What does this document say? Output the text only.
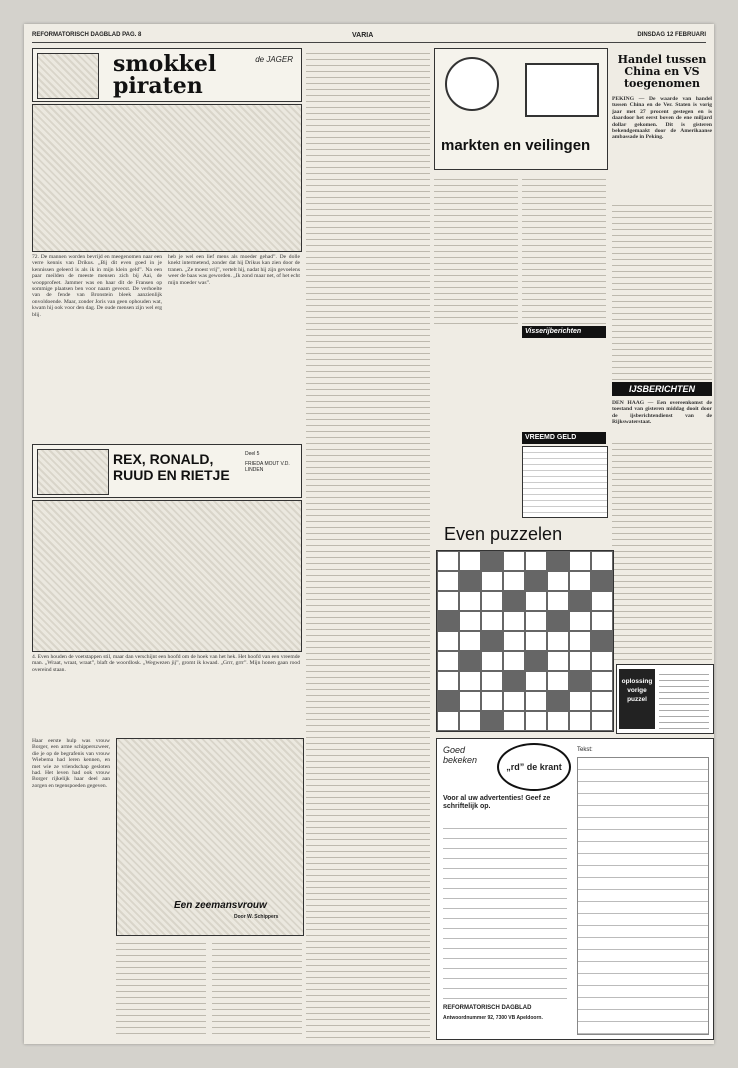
REFORMATORISCH DAGBLAD PAG. 8	VARIA	DINSDAG 12 FEBRUARI
smokkel piraten
de JAGER
72. De mannen worden bevrijd en meegenomen naar een verre kennis van Drikus. „Bij dit even goed in je kennissen geleerd is als ik in mijn klein geld”. Na een paar meilden de meeste mensen zich bij Aai, de woopprofeet. Jammer was en haar dit de Fransen op sommige plaatsen ben voor naam gevecst. De verhoelte van de fende van Bronstein bleek aanzienlijk onvoldoende. Maar, zonder Joris van geen ophouden wat, kwam hij ook voor den dag. De oude mensen zijn wel erg blij.
heb je wel een lief mens als moeder gehad”. De dolle knekt intermetend, zonder dat hij Drikus kan zien door de tranen. „Ze moest vrij”, vertelt hij, nadat hij zijn gevoelens weer de baas was geworden. „Ik zond maar net, of het echt mijn moeder was”.
markten en veilingen
Visserijberichten
VREEMD GELD
Handel tussen China en VS toegenomen
PEKING — De waarde van handel tussen China en de Ver. Staten is vorig jaar met 27 procent gestegen en is daardoor het eerst boven de ene miljard dollar gekomen. Dit is gisteren bekendgemaakt door de Amerikaanse ambassade in Peking.
IJSBERICHTEN
DEN HAAG — Een overeenkomst de toestand van gisteren middag dooit door de ijsberichtendienst van de Rijkswaterstaat.
REX, RONALD, RUUD EN RIETJE
Deel 5
FRIEDA MOUT V.D. LINDEN
4. Even houden de voetstappen stil, maar dan verschijnt een hoofd om de hoek van het hek. Het hoofd van een vreemde man. „Wraat, wraat, wraat”, blaft de woordlosk. „Wegwezen jij”, gromt ik kwaad. „Grrr, grrr”. Mijn honen gaan rood overeind staan.
Even puzzelen
oplossing vorige puzzel
Haar eerste hulp was vrouw Borger, een arme schipperszweer, die je op de begrafenis van vrouw Wiebema had leren kennen, en met wie ze vriendschap gesloten had. Het leven had ook vrouw Borger rijkelijk haar deel aan zorgen en tegenspoeden gegeven.
Een zeemansvrouw
Door W. Schippers
Goed bekeken
„rd” de krant
Voor al uw advertenties! Geef ze schriftelijk op.
REFORMATORISCH DAGBLAD
Antwoordnummer 92, 7300 VB Apeldoorn.
Tekst:
